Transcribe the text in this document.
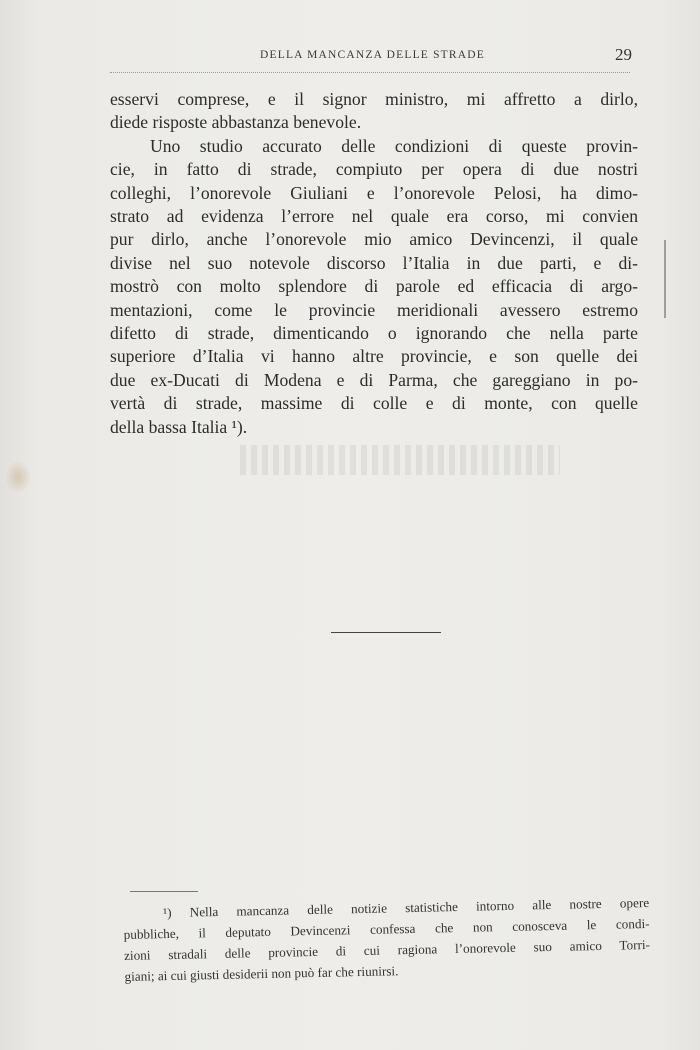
DELLA MANCANZA DELLE STRADE	29
esservi comprese, e il signor ministro, mi affretto a dirlo,
diede risposte abbastanza benevole.
Uno studio accurato delle condizioni di queste provin-
cie, in fatto di strade, compiuto per opera di due nostri
colleghi, l’onorevole Giuliani e l’onorevole Pelosi, ha dimo-
strato ad evidenza l’errore nel quale era corso, mi convien
pur dirlo, anche l’onorevole mio amico Devincenzi, il quale
divise nel suo notevole discorso l’Italia in due parti, e di-
mostrò con molto splendore di parole ed efficacia di argo-
mentazioni, come le provincie meridionali avessero estremo
difetto di strade, dimenticando o ignorando che nella parte
superiore d’Italia vi hanno altre provincie, e son quelle dei
due ex-Ducati di Modena e di Parma, che gareggiano in po-
vertà di strade, massime di colle e di monte, con quelle
della bassa Italia ¹).
¹) Nella mancanza delle notizie statistiche intorno alle nostre opere
pubbliche, il deputato Devincenzi confessa che non conosceva le condi-
zioni stradali delle provincie di cui ragiona l’onorevole suo amico Torri-
giani; ai cui giusti desiderii non può far che riunirsi.
